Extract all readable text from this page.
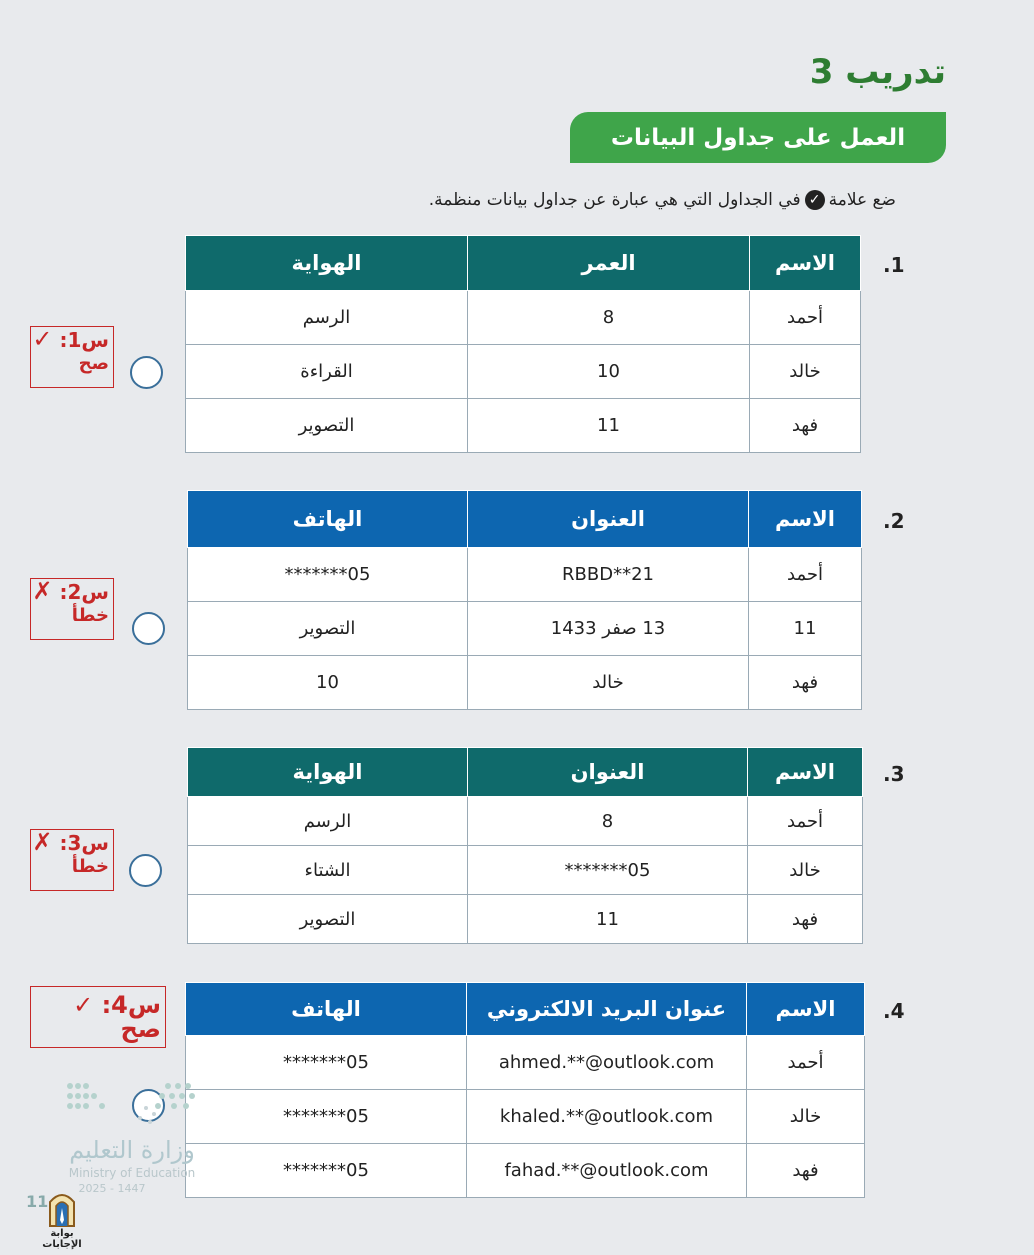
تدريب 3
العمل على جداول البيانات
ضع علامة
✓
في الجداول التي هي عبارة عن جداول بيانات منظمة.
.1
الاسم	العمر	الهواية
أحمد	8	الرسم
خالد	10	القراءة
فهد	11	التصوير
س1: ✓
صح
.2
الاسم	العنوان	الهاتف
أحمد	RBBD**21	05*******
11	13 صفر 1433	التصوير
فهد	خالد	10
س2: ✗
خطأ
.3
الاسم	العنوان	الهواية
أحمد	8	الرسم
خالد	05*******	الشتاء
فهد	11	التصوير
س3: ✗
خطأ
.4
الاسم	عنوان البريد الالكتروني	الهاتف
أحمد	ahmed.**@outlook.com	05*******
خالد	khaled.**@outlook.com	05*******
فهد	fahad.**@outlook.com	05*******
س4: ✓ صح
وزارة التعليم
Ministry of Education
2025 - 1447
11
بوابة الإجابات
